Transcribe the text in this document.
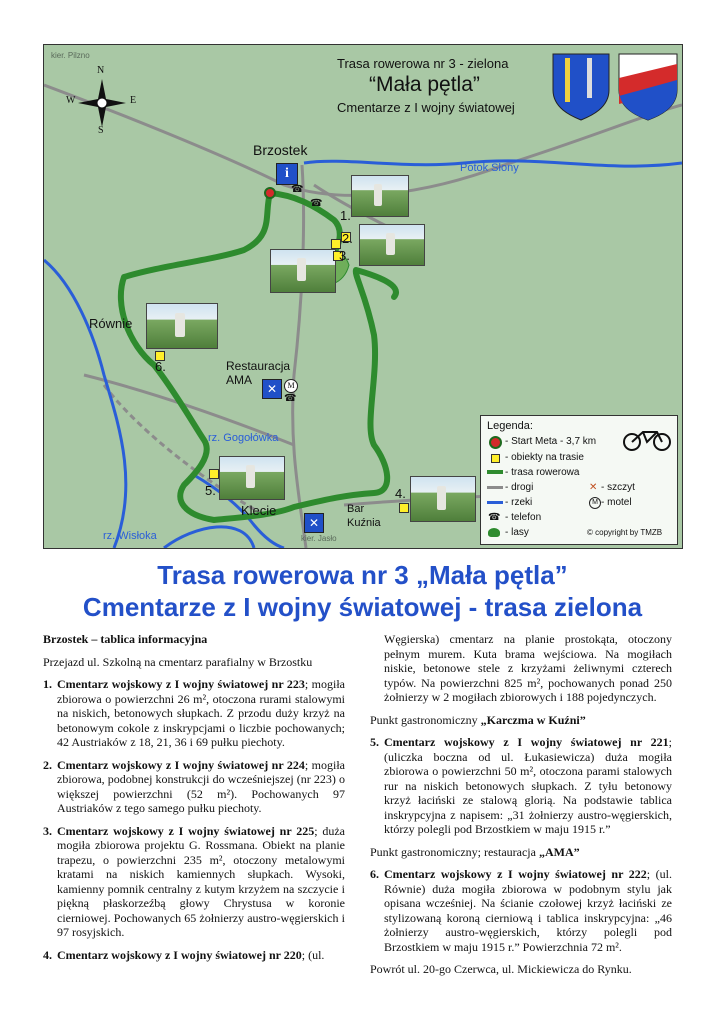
kier. Pilzno
N
W	E
S
Trasa rowerowa nr 3 - zielona
“Mała pętla”
Cmentarze z I wojny światowej
Brzostek
Równie
Klecie
Restauracja
AMA
Bar
Kuźnia
Potok Słony
rz. Gogołówka
rz. Wisłoka	kier. Jasło
i
☎
☎
✕	M
☎
✕
1.
2.
3.
4.
5.
6.
Legenda:
- Start Meta - 3,7 km
- obiekty na trasie
- trasa rowerowa
- drogi	✕ - szczyt
- rzeki	M - motel
☎ - telefon
- lasy	© copyright by TMZB
Trasa rowerowa nr 3 „Mała pętla”
Cmentarze z I wojny światowej - trasa zielona

Brzostek – tablica informacyjna

Przejazd ul. Szkolną na cmentarz parafialny w Brzostku

1. Cmentarz wojskowy z I wojny światowej nr 223; mogiła zbiorowa o powierzchni 26 m², otoczona rurami stalowymi na niskich, betonowych słupkach. Z przodu duży krzyż na betonowym cokole z inskrypcjami o liczbie pochowanych; 42 Austriaków z 18, 21, 36 i 69 pułku piechoty.
2. Cmentarz wojskowy z I wojny światowej nr 224; mogiła zbiorowa, podobnej konstrukcji do wcześniejszej (nr 223) o większej powierzchni (52 m²). Pochowanych 97 Austriaków z tego samego pułku piechoty.
3. Cmentarz wojskowy z I wojny światowej nr 225; duża mogiła zbiorowa projektu G. Rossmana. Obiekt na planie trapezu, o powierzchni 235 m², otoczony metalowymi kratami na niskich kamiennych słupkach. Wysoki, kamienny pomnik centralny z kutym krzyżem na szczycie i piękną płaskorzeźbą głowy Chrystusa w koronie cierniowej. Pochowanych 65 żołnierzy austro-węgierskich i 97 rosyjskich.
4. Cmentarz wojskowy z I wojny światowej nr 220; (ul.

Węgierska) cmentarz na planie prostokąta, otoczony pełnym murem. Kuta brama wejściowa. Na mogiłach niskie, betonowe stele z krzyżami żeliwnymi czterech typów. Na powierzchni 825 m², pochowanych ponad 250 żołnierzy w 2 mogiłach zbiorowych i 188 pojedynczych.

Punkt gastronomiczny „Karczma w Kuźni”

5. Cmentarz wojskowy z I wojny światowej nr 221; (uliczka boczna od ul. Łukasiewicza) duża mogiła zbiorowa o powierzchni 50 m², otoczona parami stalowych rur na niskich betonowych słupkach. Z tyłu betonowy krzyż łaciński ze stalową glorią. Na podstawie tablica inskrypcyjna z napisem: „31 żołnierzy austro-węgierskich, którzy polegli pod Brzostkiem w maju 1915 r.”

Punkt gastronomiczny; restauracja „AMA”

6. Cmentarz wojskowy z I wojny światowej nr 222; (ul. Równie) duża mogiła zbiorowa w podobnym stylu jak opisana wcześniej. Na ścianie czołowej krzyż łaciński ze stylizowaną koroną cierniową i tablica inskrypcyjna: „46 żołnierzy austro-węgierskich, którzy polegli pod Brzostkiem w maju 1915 r.” Powierzchnia 72 m².

Powrót ul. 20-go Czerwca, ul. Mickiewicza do Rynku.
